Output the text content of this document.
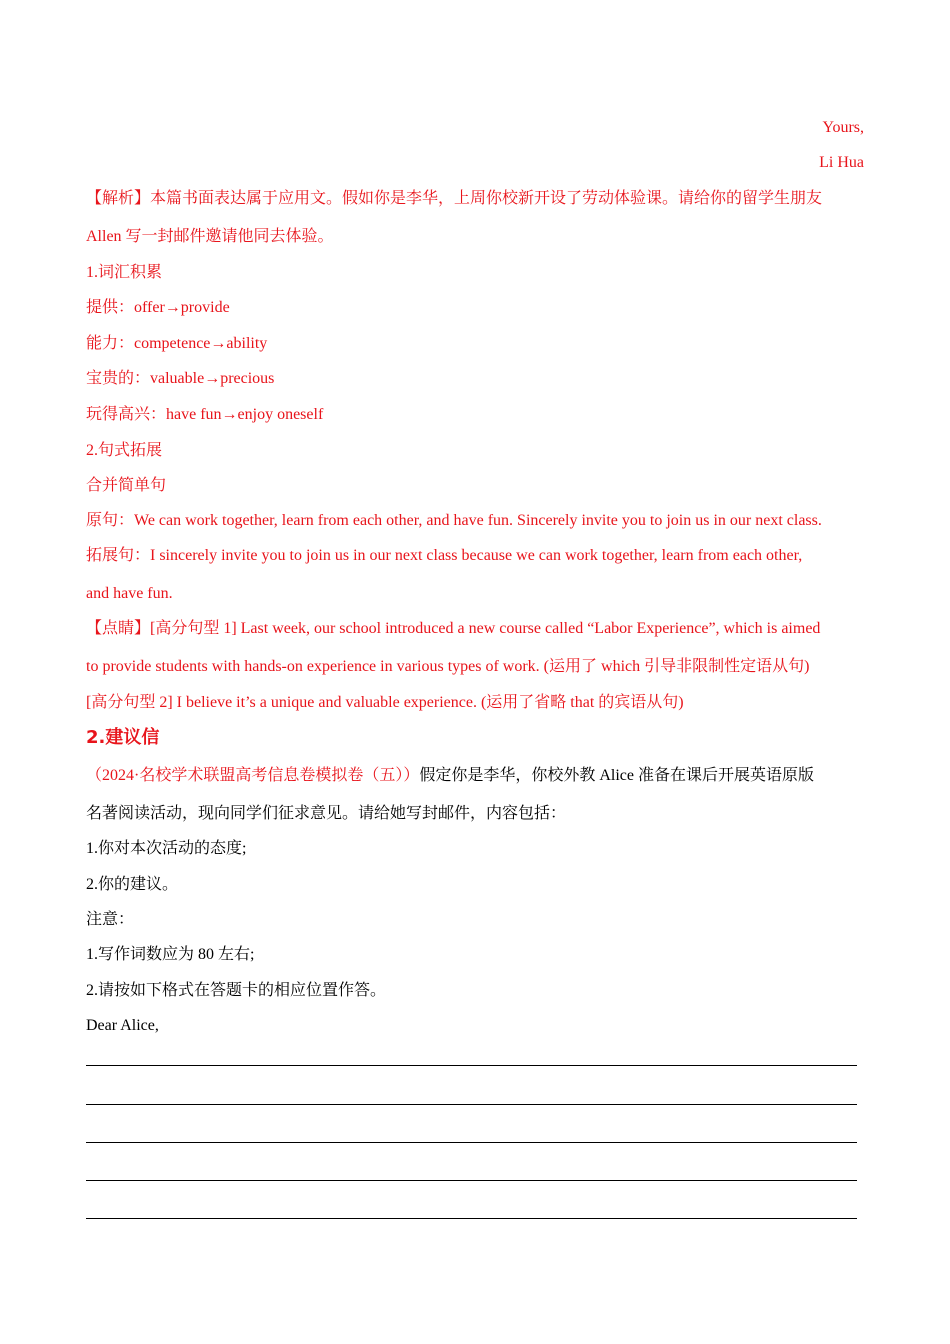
Yours,
Li Hua
【解析】本篇书面表达属于应用文。假如你是李华，上周你校新开设了劳动体验课。请给你的留学生朋友
Allen 写一封邮件邀请他同去体验。
1.词汇积累
提供：offer→provide
能力：competence→ability
宝贵的：valuable→precious
玩得高兴：have fun→enjoy oneself
2.句式拓展
合并简单句
原句：We can work together, learn from each other, and have fun. Sincerely invite you to join us in our next class.
拓展句：I sincerely invite you to join us in our next class because we can work together, learn from each other,
and have fun.
【点睛】[高分句型 1] Last week, our school introduced a new course called “Labor Experience”, which is aimed
to provide students with hands-on experience in various types of work. (运用了 which 引导非限制性定语从句)
[高分句型 2] I believe it’s a unique and valuable experience. (运用了省略 that 的宾语从句)
2.建议信
（2024·名校学术联盟高考信息卷模拟卷（五））假定你是李华，你校外教 Alice 准备在课后开展英语原版
名著阅读活动，现向同学们征求意见。请给她写封邮件，内容包括：
1.你对本次活动的态度;
2.你的建议。
注意：
1.写作词数应为 80 左右;
2.请按如下格式在答题卡的相应位置作答。
Dear Alice,
